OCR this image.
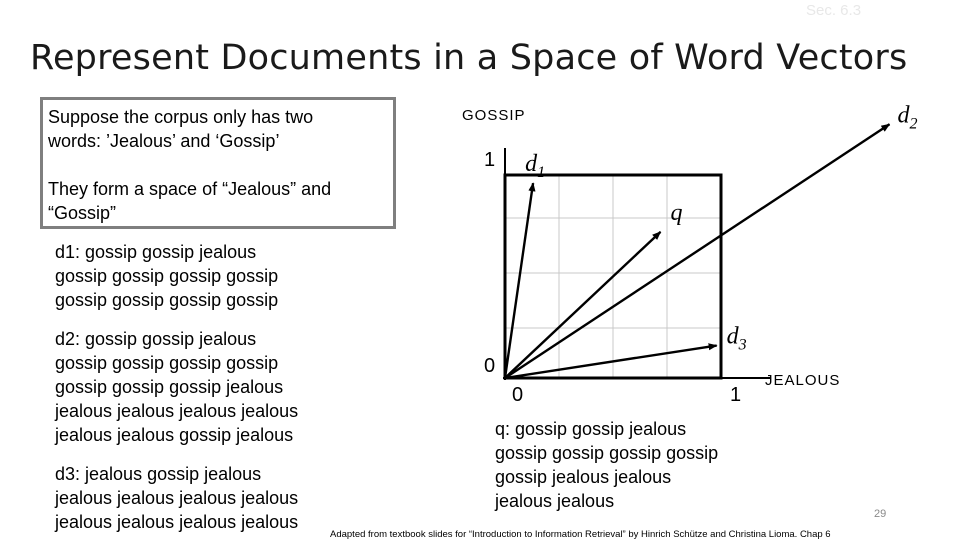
Sec. 6.3
Represent Documents in a Space of Word Vectors

Suppose the corpus only has two

words: ’Jealous’ and ‘Gossip’

They form a space of “Jealous” and

“Gossip”

d1: gossip gossip jealous
gossip gossip gossip gossip
gossip gossip gossip gossip
d2: gossip gossip jealous
gossip gossip gossip gossip
gossip gossip gossip jealous
jealous jealous jealous jealous
jealous jealous gossip jealous
d3: jealous gossip jealous
jealous jealous jealous jealous
jealous jealous jealous jealous
q: gossip gossip jealous
gossip gossip gossip gossip
gossip jealous jealous
jealous jealous
$d_1$
$d_2$
q
$d_3$
GOSSIP
JEALOUS
1
0
0	1
29
Adapted from textbook slides for “Introduction to Information Retrieval” by Hinrich Schütze and Christina Lioma. Chap 6
